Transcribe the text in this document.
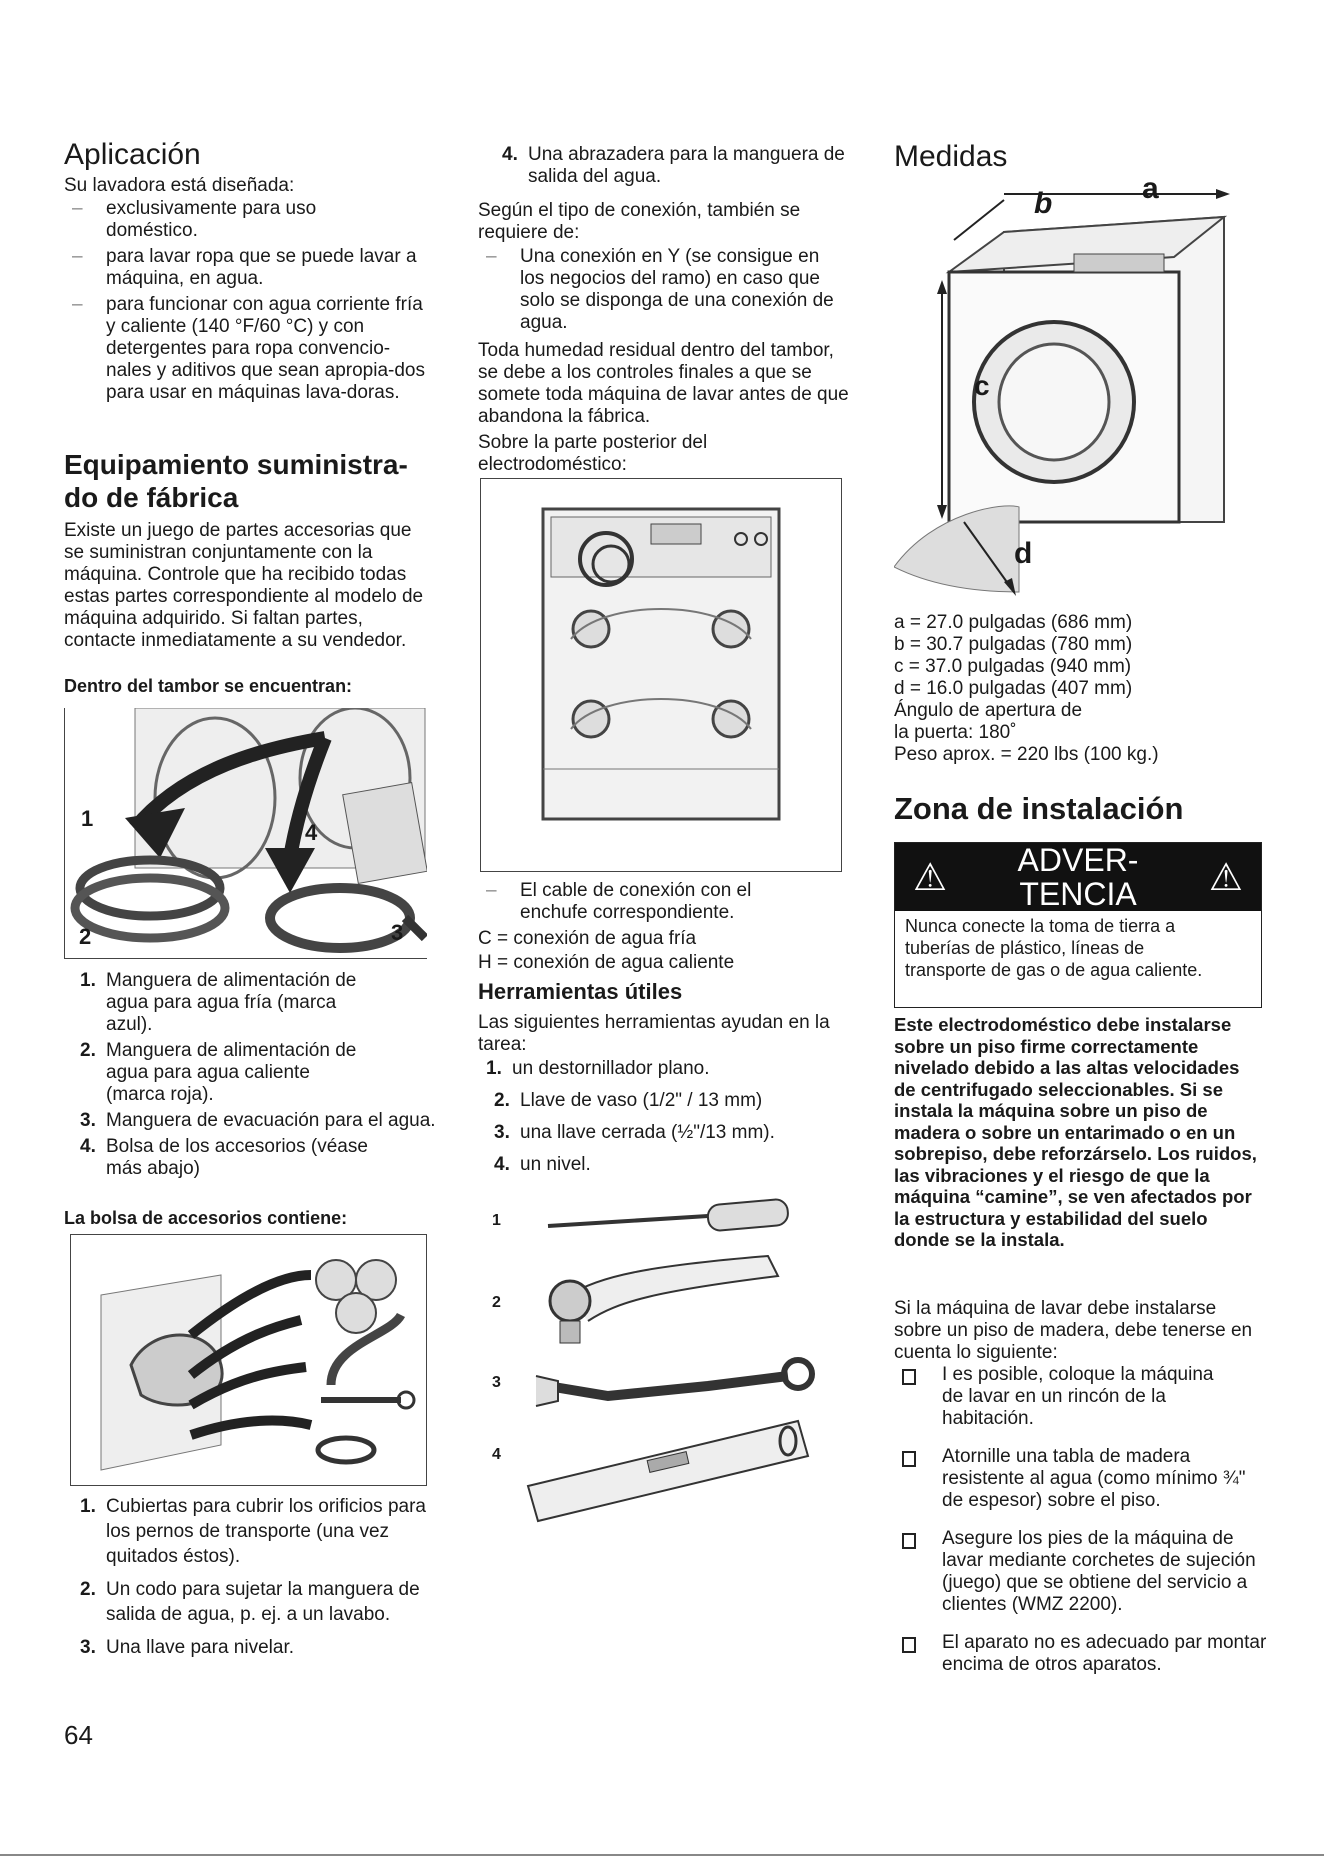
Aplicación
Su lavadora está diseñada:
– exclusivamente para uso doméstico.
– para lavar ropa que se puede lavar a máquina, en agua.
– para funcionar con agua corriente fría y caliente (140 °F/60 °C) y con detergentes para ropa convencio-nales y aditivos que sean apropia-dos para usar en máquinas lava-doras.
Equipamiento suministra-do de fábrica
Existe un juego de partes accesorias que se suministran conjuntamente con la máquina. Controle que ha recibido todas estas partes correspondiente al modelo de máquina adquirido. Si faltan partes, contacte inmediatamente a su vendedor.
Dentro del tambor se encuentran:
1
2	3
4
1. Manguera de alimentación de agua para agua fría (marca azul).
2. Manguera de alimentación de agua para agua caliente (marca roja).
3. Manguera de evacuación para el agua.
4. Bolsa de los accesorios (véase más abajo)
La bolsa de accesorios contiene:
1. Cubiertas para cubrir los orificios para los pernos de transporte (una vez quitados éstos).
2. Un codo para sujetar la manguera de salida de agua, p. ej. a un lavabo.
3. Una llave para nivelar.
64
4. Una abrazadera para la manguera de salida del agua.
Según el tipo de conexión, también se requiere de:
– Una conexión en Y (se consigue en los negocios del ramo) en caso que solo se disponga de una conexión de agua.
Toda humedad residual dentro del tambor, se debe a los controles finales a que se somete toda máquina de lavar antes de que abandona la fábrica.
Sobre la parte posterior del electrodoméstico:
– El cable de conexión con el enchufe correspondiente.
C = conexión de agua fría
H = conexión de agua caliente
Herramientas útiles
Las siguientes herramientas ayudan en la tarea:
1. un destornillador plano.
2. Llave de vaso (1/2" / 13 mm)
3. una llave cerrada (½"/13 mm).
4. un nivel.
1
2
3
4
Medidas
a
b
c
d
a = 27.0 pulgadas (686 mm)
b = 30.7 pulgadas (780 mm)
c = 37.0 pulgadas (940 mm)
d = 16.0 pulgadas (407 mm)
Ángulo de apertura de
la puerta: 180˚
Peso aprox. = 220 lbs (100 kg.)
Zona de instalación
⚠	ADVER-
TENCIA	⚠
Nunca conecte la toma de tierra a tuberías de plástico, líneas de transporte de gas o de agua caliente.
Este electrodoméstico debe instalarse sobre un piso firme correctamente nivelado debido a las altas velocidades de centrifugado seleccionables. Si se instala la máquina sobre un piso de madera o sobre un entarimado o en un sobrepiso, debe reforzárselo. Los ruidos, las vibraciones y el riesgo de que la máquina “camine”, se ven afectados por la estructura y estabilidad del suelo donde se la instala.
Si la máquina de lavar debe instalarse sobre un piso de madera, debe tenerse en cuenta lo siguiente:
I es posible, coloque la máquina de lavar en un rincón de la habitación.
Atornille una tabla de madera resistente al agua (como mínimo ¾" de espesor) sobre el piso.
Asegure los pies de la máquina de lavar mediante corchetes de sujeción (juego) que se obtiene del servicio a clientes (WMZ 2200).
El aparato no es adecuado par montar encima de otros aparatos.
